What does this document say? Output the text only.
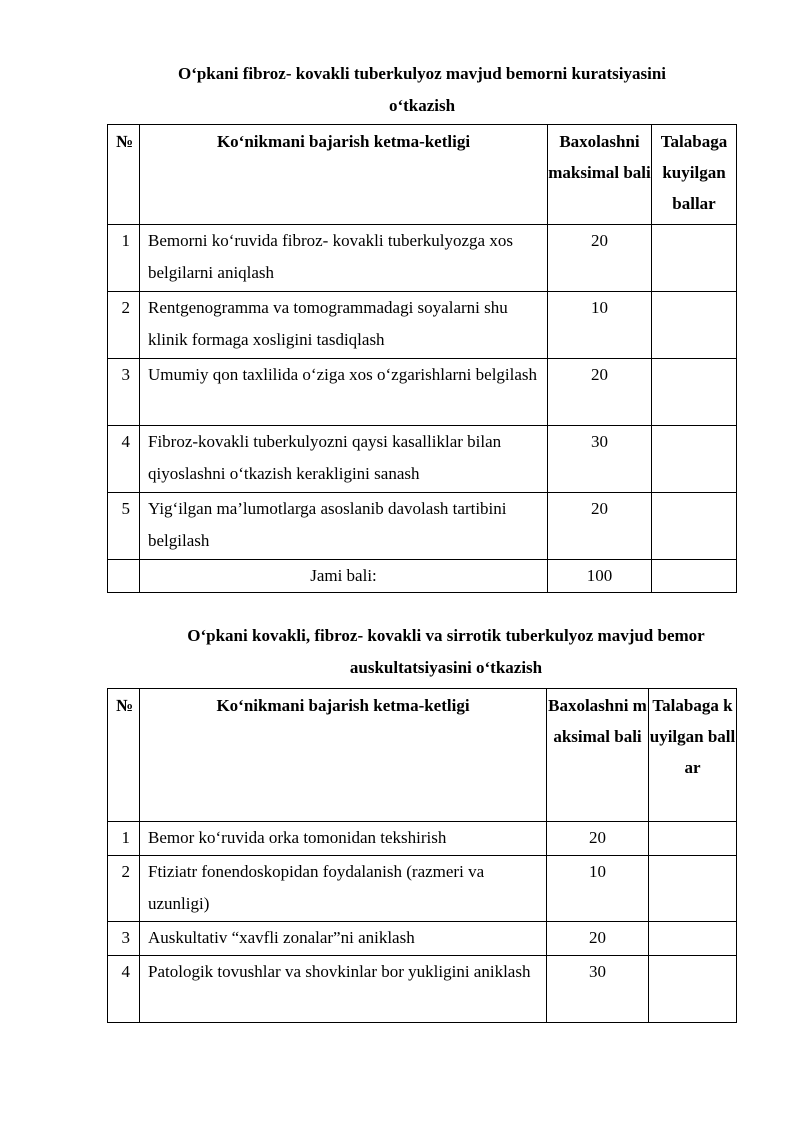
O‘pkani fibroz- kovakli tuberkulyoz mavjud bemorni kuratsiyasini
o‘tkazish
№	Ko‘nikmani bajarish ketma-ketligi	Baxolashni maksimal bali	Talabaga kuyilgan ballar
1	Bemorni ko‘ruvida fibroz- kovakli tuberkulyozga xos belgilarni aniqlash	20	
2	Rentgenogramma va tomogrammadagi soyalarni shu klinik formaga xosligini tasdiqlash	10	
3	Umumiy qon taxlilida o‘ziga xos o‘zgarishlarni belgilash	20	
4	Fibroz-kovakli tuberkulyozni qaysi kasalliklar bilan qiyoslashni o‘tkazish kerakligini sanash	30	
5	Yig‘ilgan ma’lumotlarga asoslanib davolash tartibini belgilash	20	
	Jami bali:	100	
O‘pkani kovakli, fibroz- kovakli va sirrotik tuberkulyoz mavjud bemor
auskultatsiyasini o‘tkazish
№	Ko‘nikmani bajarish ketma-ketligi	Baxolashni maksimal bali	Talabaga kuyilgan ballar
1	Bemor ko‘ruvida orka tomonidan tekshirish	20	
2	Ftiziatr fonendoskopidan foydalanish (razmeri va uzunligi)	10	
3	Auskultativ “xavfli zonalar”ni aniklash	20	
4	Patologik tovushlar va shovkinlar bor yukligini aniklash	30	
